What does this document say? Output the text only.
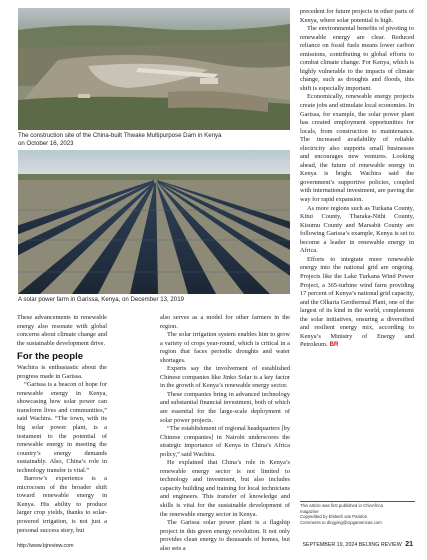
The construction site of the China-built Thwake Multipurpose Dam in Kenya
on October 16, 2023
A solar power farm in Garissa, Kenya, on December 13, 2019

These advancements in renewable energy also resonate with global concerns about climate change and the sustainable development drive.

For the people

Wachira is enthusiastic about the progress made in Garissa.

“Garissa is a beacon of hope for renewable energy in Kenya, showcasing how solar power can transform lives and communities,” said Wachira. “The town, with its big solar power plant, is a testament to the potential of renewable energy in meeting the country’s energy demands sustainably. Also, China’s role in technology transfer is vital.”

Barrow’s experience is a microcosm of the broader shift toward renewable energy in Kenya. His ability to produce larger crop yields, thanks to solar-powered irrigation, is not just a personal success story, but

also serves as a model for other farmers in the region.

The solar irrigation system enables him to grow a variety of crops year-round, which is critical in a region that faces periodic droughts and water shortages.

Experts say the involvement of established Chinese companies like Jinko Solar is a key factor in the growth of Kenya’s renewable energy sector.

These companies bring in advanced technology and substantial financial investment, both of which are essential for the large-scale deployment of solar power projects.

“The establishment of regional headquarters [by Chinese companies] in Nairobi underscores the strategic importance of Kenya in China’s Africa policy,” said Wachira.

He explained that China’s role in Kenya’s renewable energy sector is not limited to technology and investment, but also includes capacity building and training for local technicians and engineers. This transfer of knowledge and skills is vital for the sustainable development of the renewable energy sector in Kenya.

The Garissa solar power plant is a flagship project in this green energy revolution. It not only provides clean energy to thousands of homes, but also sets a

precedent for future projects in other parts of Kenya, where solar potential is high.

The environmental benefits of pivoting to renewable energy are clear. Reduced reliance on fossil fuels means lower carbon emissions, contributing to global efforts to combat climate change. For Kenya, which is highly vulnerable to the impacts of climate change, such as droughts and floods, this shift is especially important.

Economically, renewable energy projects create jobs and stimulate local economies. In Garissa, for example, the solar power plant has created employment opportunities for locals, from construction to maintenance. The increased availability of reliable electricity also supports small businesses and encourages new ventures. Looking ahead, the future of renewable energy in Kenya is bright. Wachira said the government’s supportive policies, coupled with international investment, are paving the way for rapid expansion.

As more regions such as Turkana County, Kitui County, Tharaka-Nithi County, Kisumu County and Marsabit County are following Garissa’s example, Kenya is set to become a leader in renewable energy in Africa.

Efforts to integrate more renewable energy into the national grid are ongoing. Projects like the Lake Turkana Wind Power Project, a 365-turbine wind farm providing 17 percent of Kenya’s national grid capacity, and the Olkaria Geothermal Plant, one of the largest of its kind in the world, complement the solar initiatives, ensuring a diversified and resilient energy mix, according to Kenya’s Ministry of Energy and Petroleum. BR

This article was first published in ChinAfrica
magazine
Copyedited by Elsbeth van Paridon
Comments to dingying@cipgamericas.com
http://www.bjreview.com	SEPTEMBER 19, 2024 BEIJING REVIEW 21
